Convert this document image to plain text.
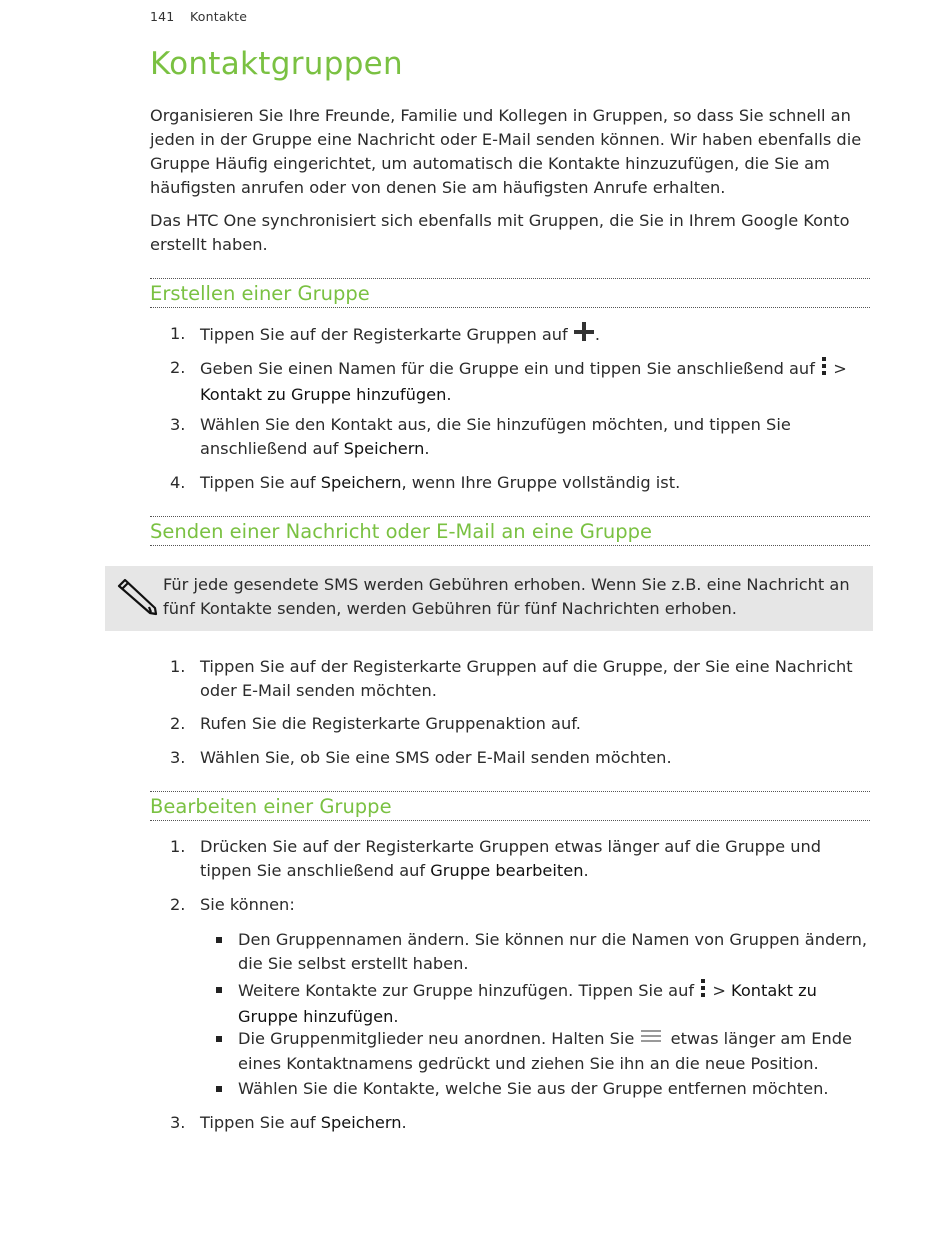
141 Kontakte
Kontaktgruppen

Organisieren Sie Ihre Freunde, Familie und Kollegen in Gruppen, so dass Sie schnell an jeden in der Gruppe eine Nachricht oder E-Mail senden können. Wir haben ebenfalls die Gruppe Häufig eingerichtet, um automatisch die Kontakte hinzuzufügen, die Sie am häufigsten anrufen oder von denen Sie am häufigsten Anrufe erhalten.

Das HTC One synchronisiert sich ebenfalls mit Gruppen, die Sie in Ihrem Google Konto erstellt haben.

Erstellen einer Gruppe
1. Tippen Sie auf der Registerkarte Gruppen auf .
2. Geben Sie einen Namen für die Gruppe ein und tippen Sie anschließend auf  >
Kontakt zu Gruppe hinzufügen.
3. Wählen Sie den Kontakt aus, die Sie hinzufügen möchten, und tippen Sie anschließend auf Speichern.
4. Tippen Sie auf Speichern, wenn Ihre Gruppe vollständig ist.
Senden einer Nachricht oder E-Mail an eine Gruppe
Für jede gesendete SMS werden Gebühren erhoben. Wenn Sie z.B. eine Nachricht an fünf Kontakte senden, werden Gebühren für fünf Nachrichten erhoben.
1. Tippen Sie auf der Registerkarte Gruppen auf die Gruppe, der Sie eine Nachricht oder E-Mail senden möchten.
2. Rufen Sie die Registerkarte Gruppenaktion auf.
3. Wählen Sie, ob Sie eine SMS oder E-Mail senden möchten.
Bearbeiten einer Gruppe
1. Drücken Sie auf der Registerkarte Gruppen etwas länger auf die Gruppe und tippen Sie anschließend auf Gruppe bearbeiten.
2. Sie können:
Den Gruppennamen ändern. Sie können nur die Namen von Gruppen ändern, die Sie selbst erstellt haben.
Weitere Kontakte zur Gruppe hinzufügen. Tippen Sie auf  > Kontakt zu Gruppe hinzufügen.
Die Gruppenmitglieder neu anordnen. Halten Sie  etwas länger am Ende eines Kontaktnamens gedrückt und ziehen Sie ihn an die neue Position.
Wählen Sie die Kontakte, welche Sie aus der Gruppe entfernen möchten.
3. Tippen Sie auf Speichern.
